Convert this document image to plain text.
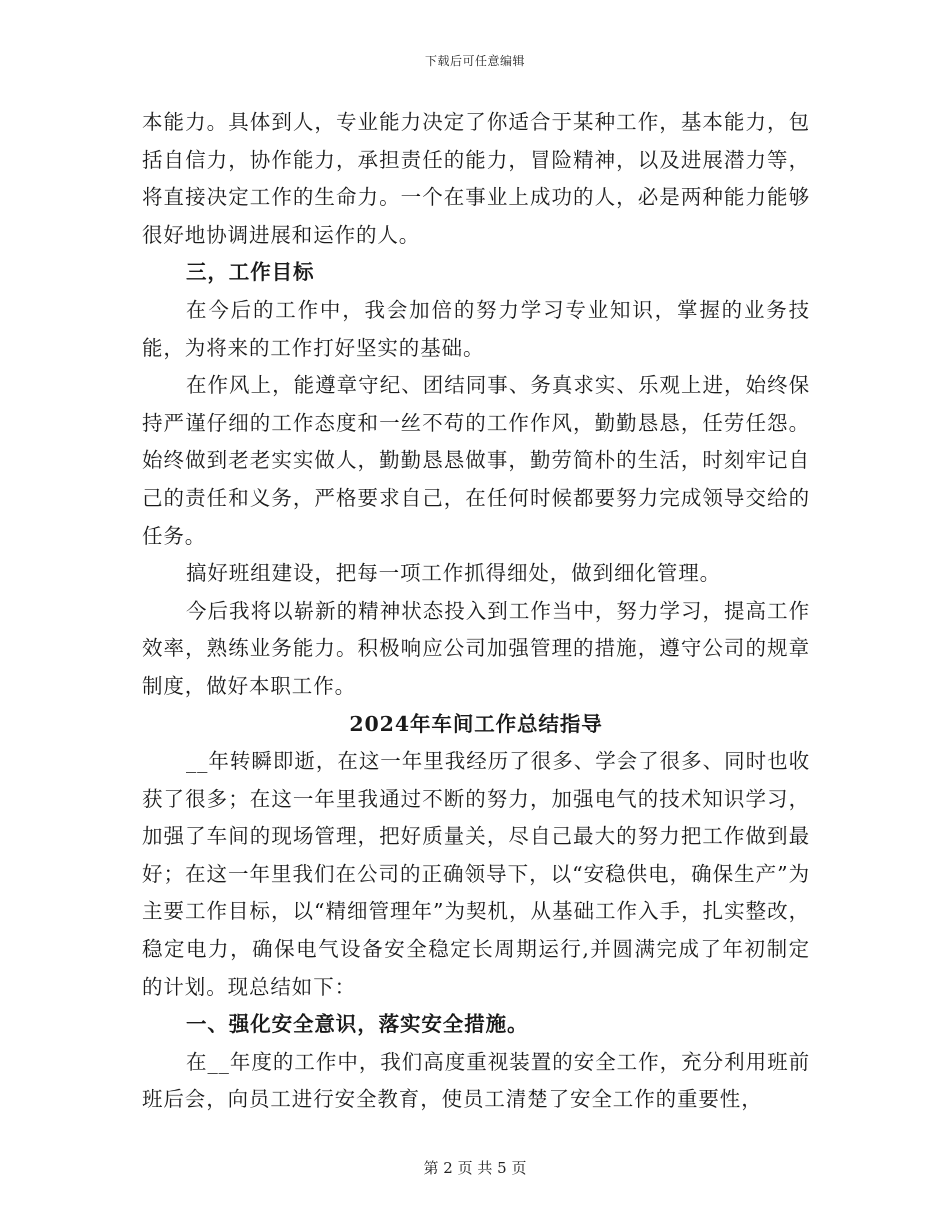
下载后可任意编辑

本能力。具体到人，专业能力决定了你适合于某种工作，基本能力，包括自信力，协作能力，承担责任的能力，冒险精神，以及进展潜力等，将直接决定工作的生命力。一个在事业上成功的人，必是两种能力能够很好地协调进展和运作的人。

三，工作目标

在今后的工作中，我会加倍的努力学习专业知识，掌握的业务技能，为将来的工作打好坚实的基础。

在作风上，能遵章守纪、团结同事、务真求实、乐观上进，始终保持严谨仔细的工作态度和一丝不苟的工作作风，勤勤恳恳，任劳任怨。始终做到老老实实做人，勤勤恳恳做事，勤劳简朴的生活，时刻牢记自己的责任和义务，严格要求自己，在任何时候都要努力完成领导交给的任务。

搞好班组建设，把每一项工作抓得细处，做到细化管理。

今后我将以崭新的精神状态投入到工作当中，努力学习，提高工作效率，熟练业务能力。积极响应公司加强管理的措施，遵守公司的规章制度，做好本职工作。

2024年车间工作总结指导

__年转瞬即逝，在这一年里我经历了很多、学会了很多、同时也收获了很多；在这一年里我通过不断的努力，加强电气的技术知识学习，加强了车间的现场管理，把好质量关，尽自己最大的努力把工作做到最好；在这一年里我们在公司的正确领导下，以“安稳供电，确保生产”为主要工作目标，以“精细管理年”为契机，从基础工作入手，扎实整改，稳定电力，确保电气设备安全稳定长周期运行,并圆满完成了年初制定的计划。现总结如下：

一、强化安全意识，落实安全措施。

在__年度的工作中，我们高度重视装置的安全工作，充分利用班前班后会，向员工进行安全教育，使员工清楚了安全工作的重要性，

第 2 页 共 5 页
